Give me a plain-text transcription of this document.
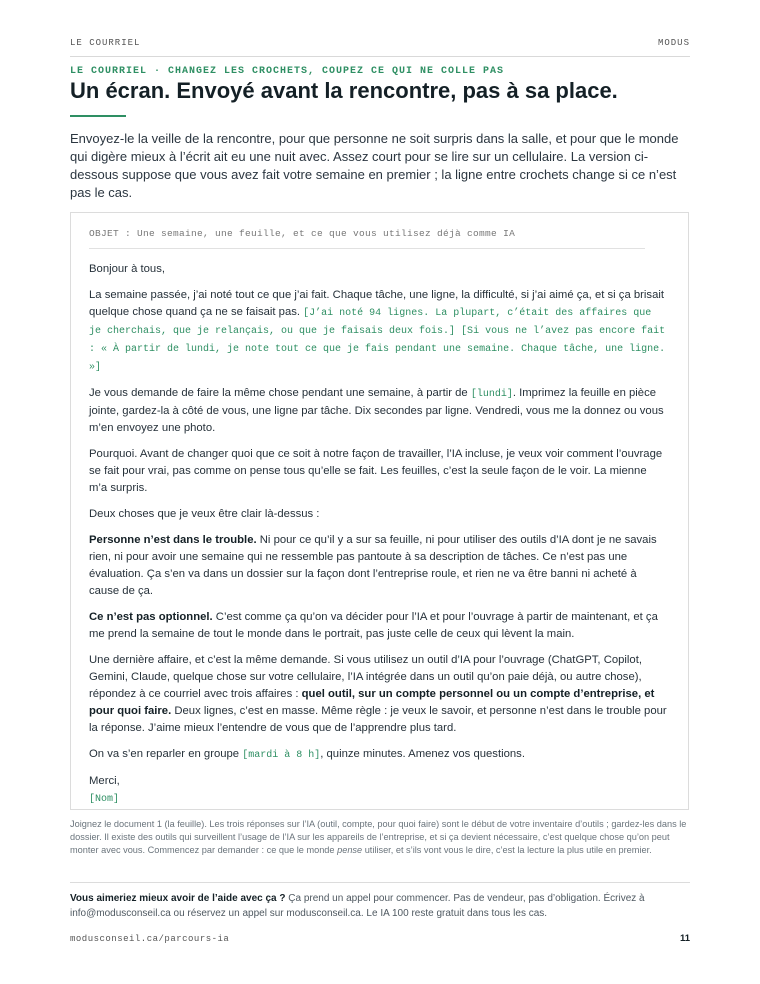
LE COURRIEL	MODUS
LE COURRIEL · CHANGEZ LES CROCHETS, COUPEZ CE QUI NE COLLE PAS
Un écran. Envoyé avant la rencontre, pas à sa place.

Envoyez-le la veille de la rencontre, pour que personne ne soit surpris dans la salle, et pour que le monde qui digère mieux à l’écrit ait eu une nuit avec. Assez court pour se lire sur un cellulaire. La version ci-dessous suppose que vous avez fait votre semaine en premier ; la ligne entre crochets change si ce n’est pas le cas.

OBJET : Une semaine, une feuille, et ce que vous utilisez déjà comme IA

Bonjour à tous,

La semaine passée, j’ai noté tout ce que j’ai fait. Chaque tâche, une ligne, la difficulté, si j’ai aimé ça, et si ça brisait quelque chose quand ça ne se faisait pas. [J’ai noté 94 lignes. La plupart, c’était des affaires que je cherchais, que je relançais, ou que je faisais deux fois.] [Si vous ne l’avez pas encore fait : « À partir de lundi, je note tout ce que je fais pendant une semaine. Chaque tâche, une ligne. »]

Je vous demande de faire la même chose pendant une semaine, à partir de [lundi]. Imprimez la feuille en pièce jointe, gardez-la à côté de vous, une ligne par tâche. Dix secondes par ligne. Vendredi, vous me la donnez ou vous m’en envoyez une photo.

Pourquoi. Avant de changer quoi que ce soit à notre façon de travailler, l’IA incluse, je veux voir comment l’ouvrage se fait pour vrai, pas comme on pense tous qu’elle se fait. Les feuilles, c’est la seule façon de le voir. La mienne m’a surpris.

Deux choses que je veux être clair là-dessus :

Personne n’est dans le trouble. Ni pour ce qu’il y a sur sa feuille, ni pour utiliser des outils d’IA dont je ne savais rien, ni pour avoir une semaine qui ne ressemble pas pantoute à sa description de tâches. Ce n’est pas une évaluation. Ça s’en va dans un dossier sur la façon dont l’entreprise roule, et rien ne va être banni ni acheté à cause de ça.

Ce n’est pas optionnel. C’est comme ça qu’on va décider pour l’IA et pour l’ouvrage à partir de maintenant, et ça me prend la semaine de tout le monde dans le portrait, pas juste celle de ceux qui lèvent la main.

Une dernière affaire, et c’est la même demande. Si vous utilisez un outil d’IA pour l’ouvrage (ChatGPT, Copilot, Gemini, Claude, quelque chose sur votre cellulaire, l’IA intégrée dans un outil qu’on paie déjà, ou autre chose), répondez à ce courriel avec trois affaires : quel outil, sur un compte personnel ou un compte d’entreprise, et pour quoi faire. Deux lignes, c’est en masse. Même règle : je veux le savoir, et personne n’est dans le trouble pour la réponse. J’aime mieux l’entendre de vous que de l’apprendre plus tard.

On va s’en reparler en groupe [mardi à 8 h], quinze minutes. Amenez vos questions.

Merci,
[Nom]

Joignez le document 1 (la feuille). Les trois réponses sur l’IA (outil, compte, pour quoi faire) sont le début de votre inventaire d’outils ; gardez-les dans le dossier. Il existe des outils qui surveillent l’usage de l’IA sur les appareils de l’entreprise, et si ça devient nécessaire, c’est quelque chose qu’on peut monter avec vous. Commencez par demander : ce que le monde pense utiliser, et s’ils vont vous le dire, c’est la lecture la plus utile en premier.

Vous aimeriez mieux avoir de l’aide avec ça ? Ça prend un appel pour commencer. Pas de vendeur, pas d’obligation. Écrivez à info@modusconseil.ca ou réservez un appel sur modusconseil.ca. Le IA 100 reste gratuit dans tous les cas.

modusconseil.ca/parcours-ia	11
